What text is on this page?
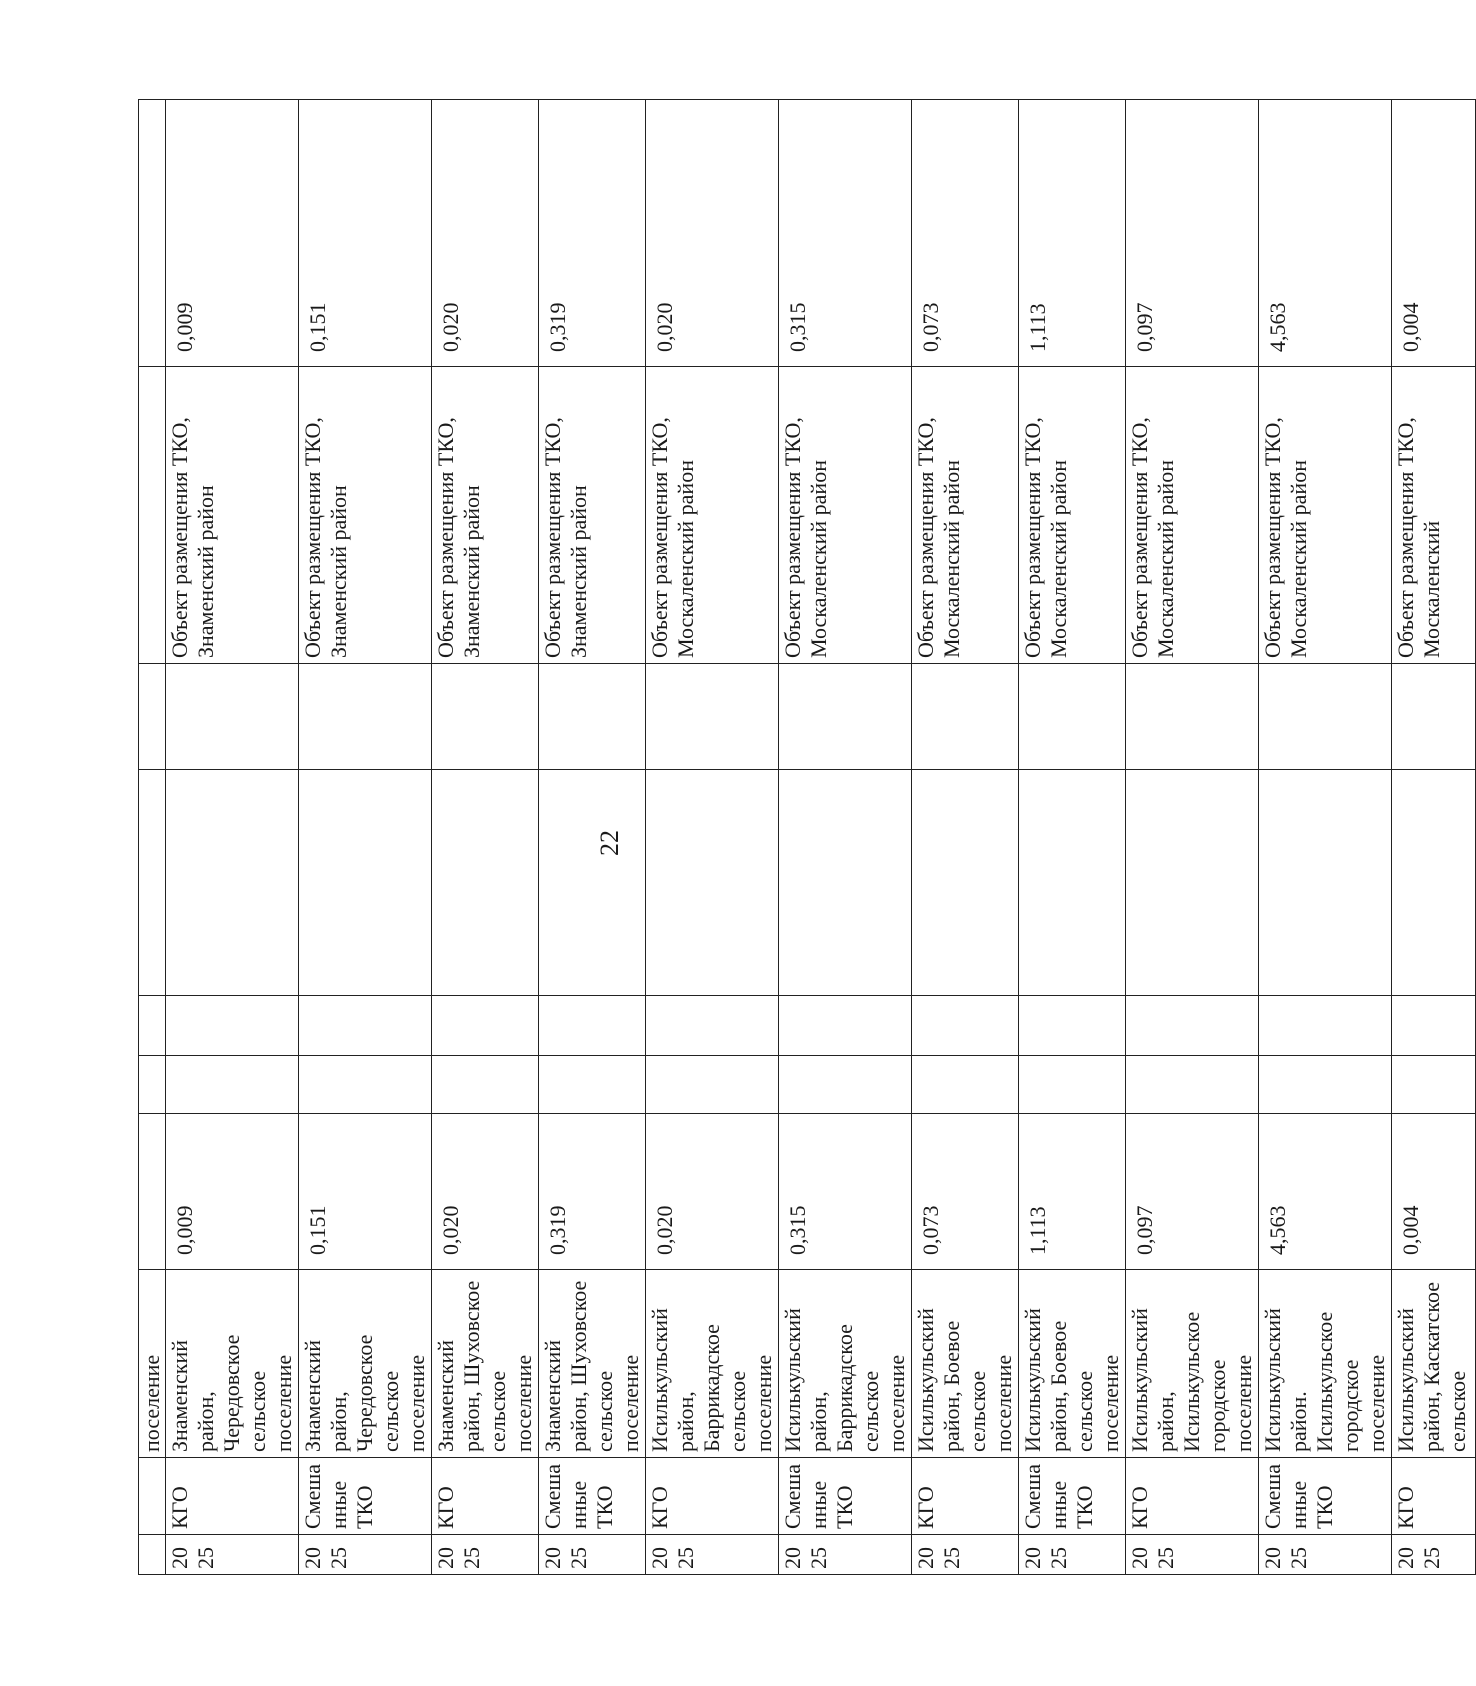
22
		поселение							
2025	КГО	Знаменский район, Чередовское сельское поселение	0,009					Объект размещения ТКО, Знаменский район	0,009
2025	Смешанные ТКО	Знаменский район, Чередовское сельское поселение	0,151					Объект размещения ТКО, Знаменский район	0,151
2025	КГО	Знаменский район, Шуховское сельское поселение	0,020					Объект размещения ТКО, Знаменский район	0,020
2025	Смешанные ТКО	Знаменский район, Шуховское сельское поселение	0,319					Объект размещения ТКО, Знаменский район	0,319
2025	КГО	Исилькульский район, Баррикадское сельское поселение	0,020					Объект размещения ТКО, Москаленский район	0,020
2025	Смешанные ТКО	Исилькульский район, Баррикадское сельское поселение	0,315					Объект размещения ТКО, Москаленский район	0,315
2025	КГО	Исилькульский район, Боевое сельское поселение	0,073					Объект размещения ТКО, Москаленский район	0,073
2025	Смешанные ТКО	Исилькульский район, Боевое сельское поселение	1,113					Объект размещения ТКО, Москаленский район	1,113
2025	КГО	Исилькульский район, Исилькульское городское поселение	0,097					Объект размещения ТКО, Москаленский район	0,097
2025	Смешанные ТКО	Исилькульский район. Исилькульское городское поселение	4,563					Объект размещения ТКО, Москаленский район	4,563
2025	КГО	Исилькульский район, Каскатское сельское	0,004					Объект размещения ТКО, Москаленский	0,004
